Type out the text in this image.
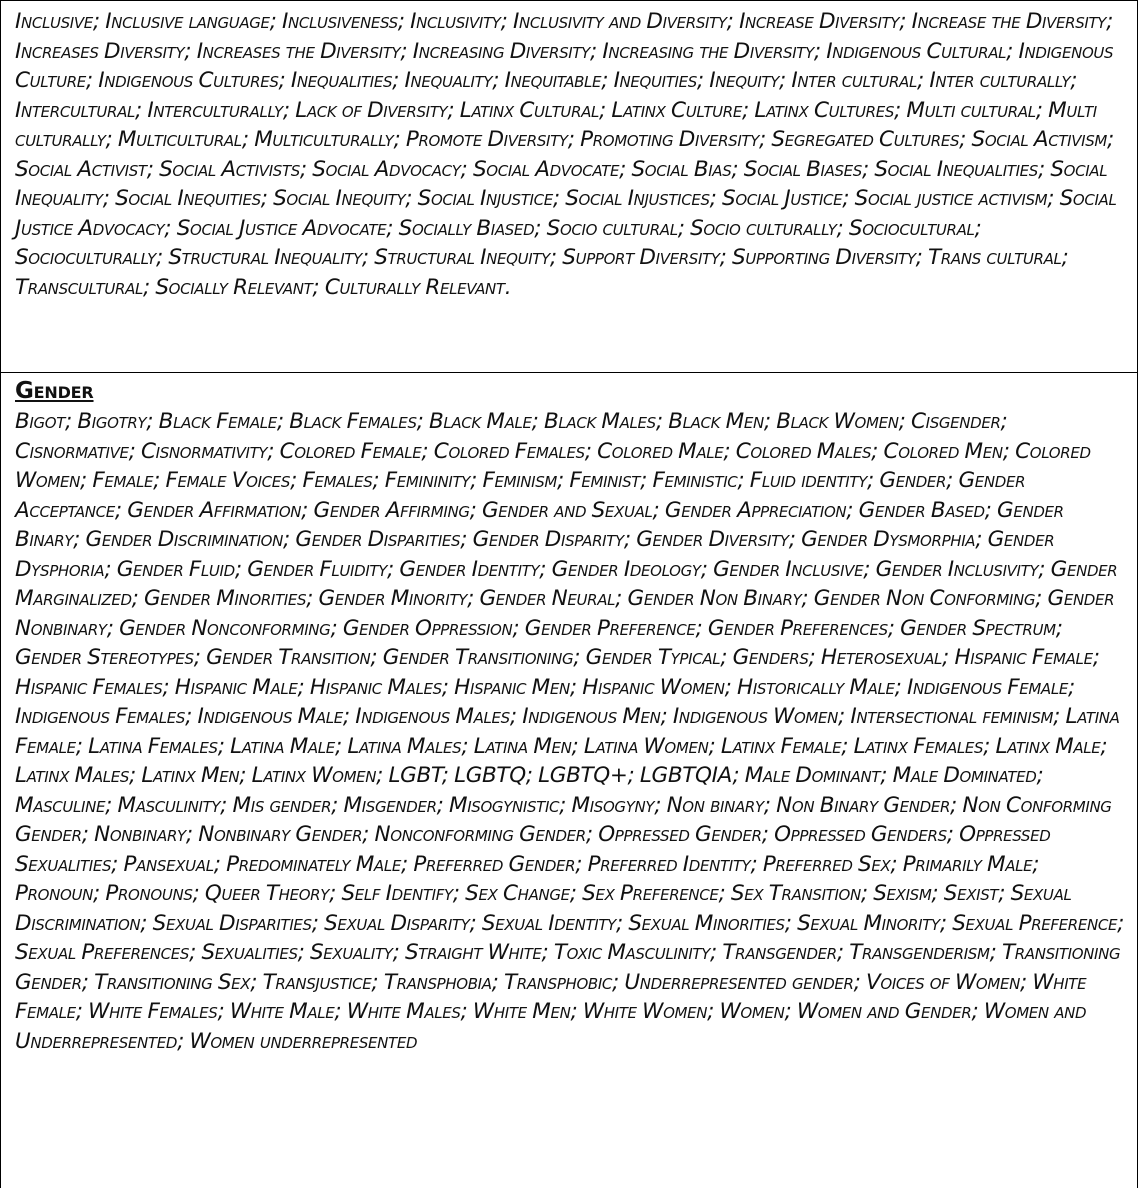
Inclusive; Inclusive language; Inclusiveness; Inclusivity; Inclusivity and Diversity; Increase Diversity; Increase the Diversity; Increases Diversity; Increases the Diversity; Increasing Diversity; Increasing the Diversity; Indigenous Cultural; Indigenous Culture; Indigenous Cultures; Inequalities; Inequality; Inequitable; Inequities; Inequity; Inter cultural; Inter culturally; Intercultural; Interculturally; Lack of Diversity; Latinx Cultural; Latinx Culture; Latinx Cultures; Multi cultural; Multi culturally; Multicultural; Multiculturally; Promote Diversity; Promoting Diversity; Segregated Cultures; Social Activism; Social Activist; Social Activists; Social Advocacy; Social Advocate; Social Bias; Social Biases; Social Inequalities; Social Inequality; Social Inequities; Social Inequity; Social Injustice; Social Injustices; Social Justice; Social justice activism; Social Justice Advocacy; Social Justice Advocate; Socially Biased; Socio cultural; Socio culturally; Sociocultural; Socioculturally; Structural Inequality; Structural Inequity; Support Diversity; Supporting Diversity; Trans cultural; Transcultural; Socially Relevant; Culturally Relevant.

Gender

Bigot; Bigotry; Black Female; Black Females; Black Male; Black Males; Black Men; Black Women; Cisgender; Cisnormative; Cisnormativity; Colored Female; Colored Females; Colored Male; Colored Males; Colored Men; Colored Women; Female; Female Voices; Females; Femininity; Feminism; Feminist; Feministic; Fluid identity; Gender; Gender Acceptance; Gender Affirmation; Gender Affirming; Gender and Sexual; Gender Appreciation; Gender Based; Gender Binary; Gender Discrimination; Gender Disparities; Gender Disparity; Gender Diversity; Gender Dysmorphia; Gender Dysphoria; Gender Fluid; Gender Fluidity; Gender Identity; Gender Ideology; Gender Inclusive; Gender Inclusivity; Gender Marginalized; Gender Minorities; Gender Minority; Gender Neural; Gender Non Binary; Gender Non Conforming; Gender Nonbinary; Gender Nonconforming; Gender Oppression; Gender Preference; Gender Preferences; Gender Spectrum; Gender Stereotypes; Gender Transition; Gender Transitioning; Gender Typical; Genders; Heterosexual; Hispanic Female; Hispanic Females; Hispanic Male; Hispanic Males; Hispanic Men; Hispanic Women; Historically Male; Indigenous Female; Indigenous Females; Indigenous Male; Indigenous Males; Indigenous Men; Indigenous Women; Intersectional feminism; Latina Female; Latina Females; Latina Male; Latina Males; Latina Men; Latina Women; Latinx Female; Latinx Females; Latinx Male; Latinx Males; Latinx Men; Latinx Women; LGBT; LGBTQ; LGBTQ+; LGBTQIA; Male Dominant; Male Dominated; Masculine; Masculinity; Mis gender; Misgender; Misogynistic; Misogyny; Non binary; Non Binary Gender; Non Conforming Gender; Nonbinary; Nonbinary Gender; Nonconforming Gender; Oppressed Gender; Oppressed Genders; Oppressed Sexualities; Pansexual; Predominately Male; Preferred Gender; Preferred Identity; Preferred Sex; Primarily Male; Pronoun; Pronouns; Queer Theory; Self Identify; Sex Change; Sex Preference; Sex Transition; Sexism; Sexist; Sexual Discrimination; Sexual Disparities; Sexual Disparity; Sexual Identity; Sexual Minorities; Sexual Minority; Sexual Preference; Sexual Preferences; Sexualities; Sexuality; Straight White; Toxic Masculinity; Transgender; Transgenderism; Transitioning Gender; Transitioning Sex; Transjustice; Transphobia; Transphobic; Underrepresented gender; Voices of Women; White Female; White Females; White Male; White Males; White Men; White Women; Women; Women and Gender; Women and Underrepresented; Women underrepresented
